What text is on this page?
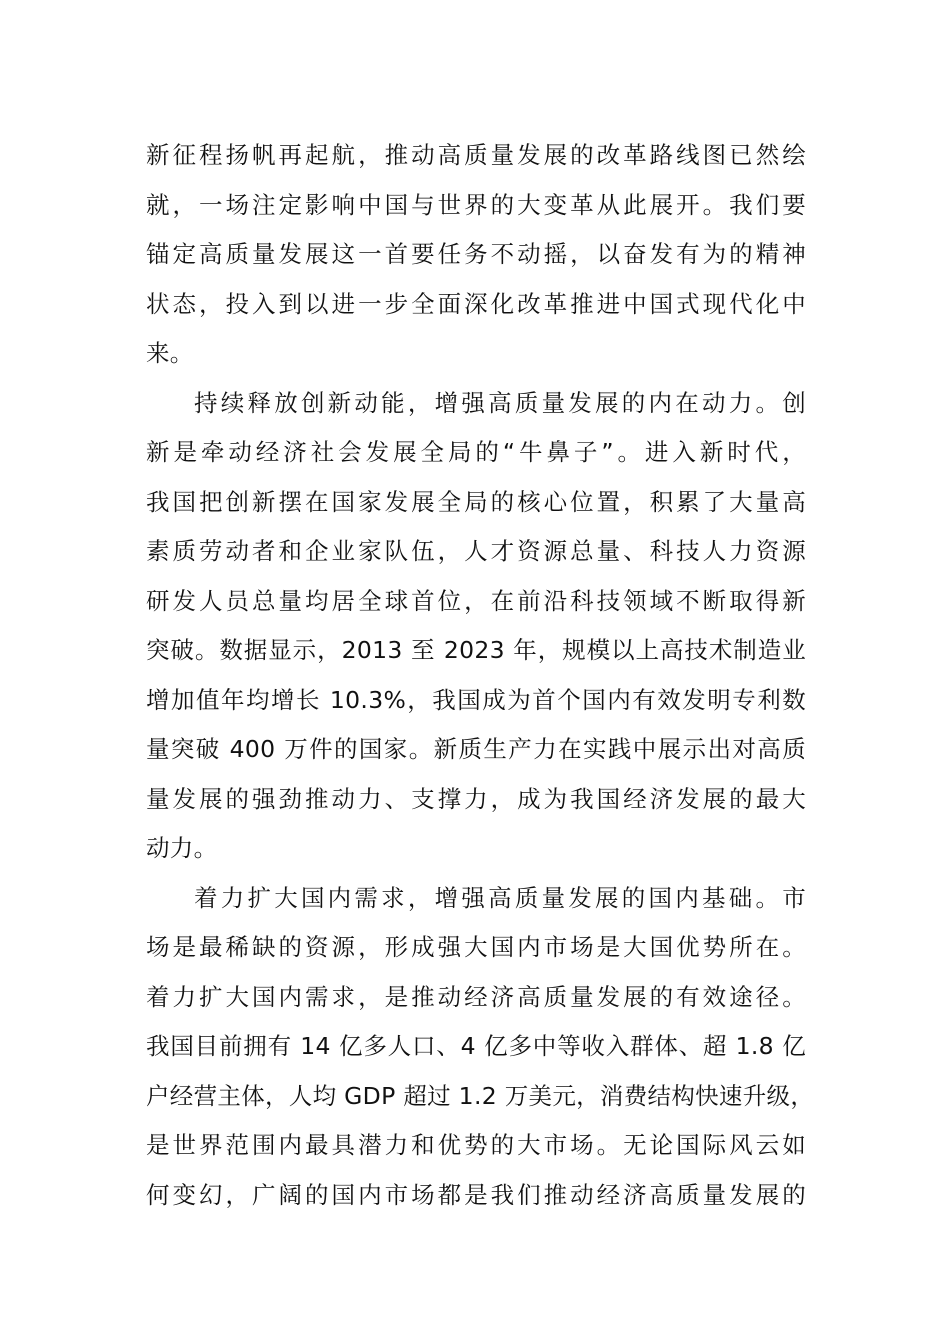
新征程扬帆再起航，推动高质量发展的改革路线图已然绘
就，一场注定影响中国与世界的大变革从此展开。我们要
锚定高质量发展这一首要任务不动摇，以奋发有为的精神
状态，投入到以进一步全面深化改革推进中国式现代化中
来。
持续释放创新动能，增强高质量发展的内在动力。创
新是牵动经济社会发展全局的“牛鼻子”。进入新时代，
我国把创新摆在国家发展全局的核心位置，积累了大量高
素质劳动者和企业家队伍，人才资源总量、科技人力资源
研发人员总量均居全球首位，在前沿科技领域不断取得新
突破。数据显示，2013 至 2023 年，规模以上高技术制造业
增加值年均增长 10.3%，我国成为首个国内有效发明专利数
量突破 400 万件的国家。新质生产力在实践中展示出对高质
量发展的强劲推动力、支撑力，成为我国经济发展的最大
动力。
着力扩大国内需求，增强高质量发展的国内基础。市
场是最稀缺的资源，形成强大国内市场是大国优势所在。
着力扩大国内需求，是推动经济高质量发展的有效途径。
我国目前拥有 14 亿多人口、4 亿多中等收入群体、超 1.8 亿
户经营主体，人均 GDP 超过 1.2 万美元，消费结构快速升级，
是世界范围内最具潜力和优势的大市场。无论国际风云如
何变幻，广阔的国内市场都是我们推动经济高质量发展的
